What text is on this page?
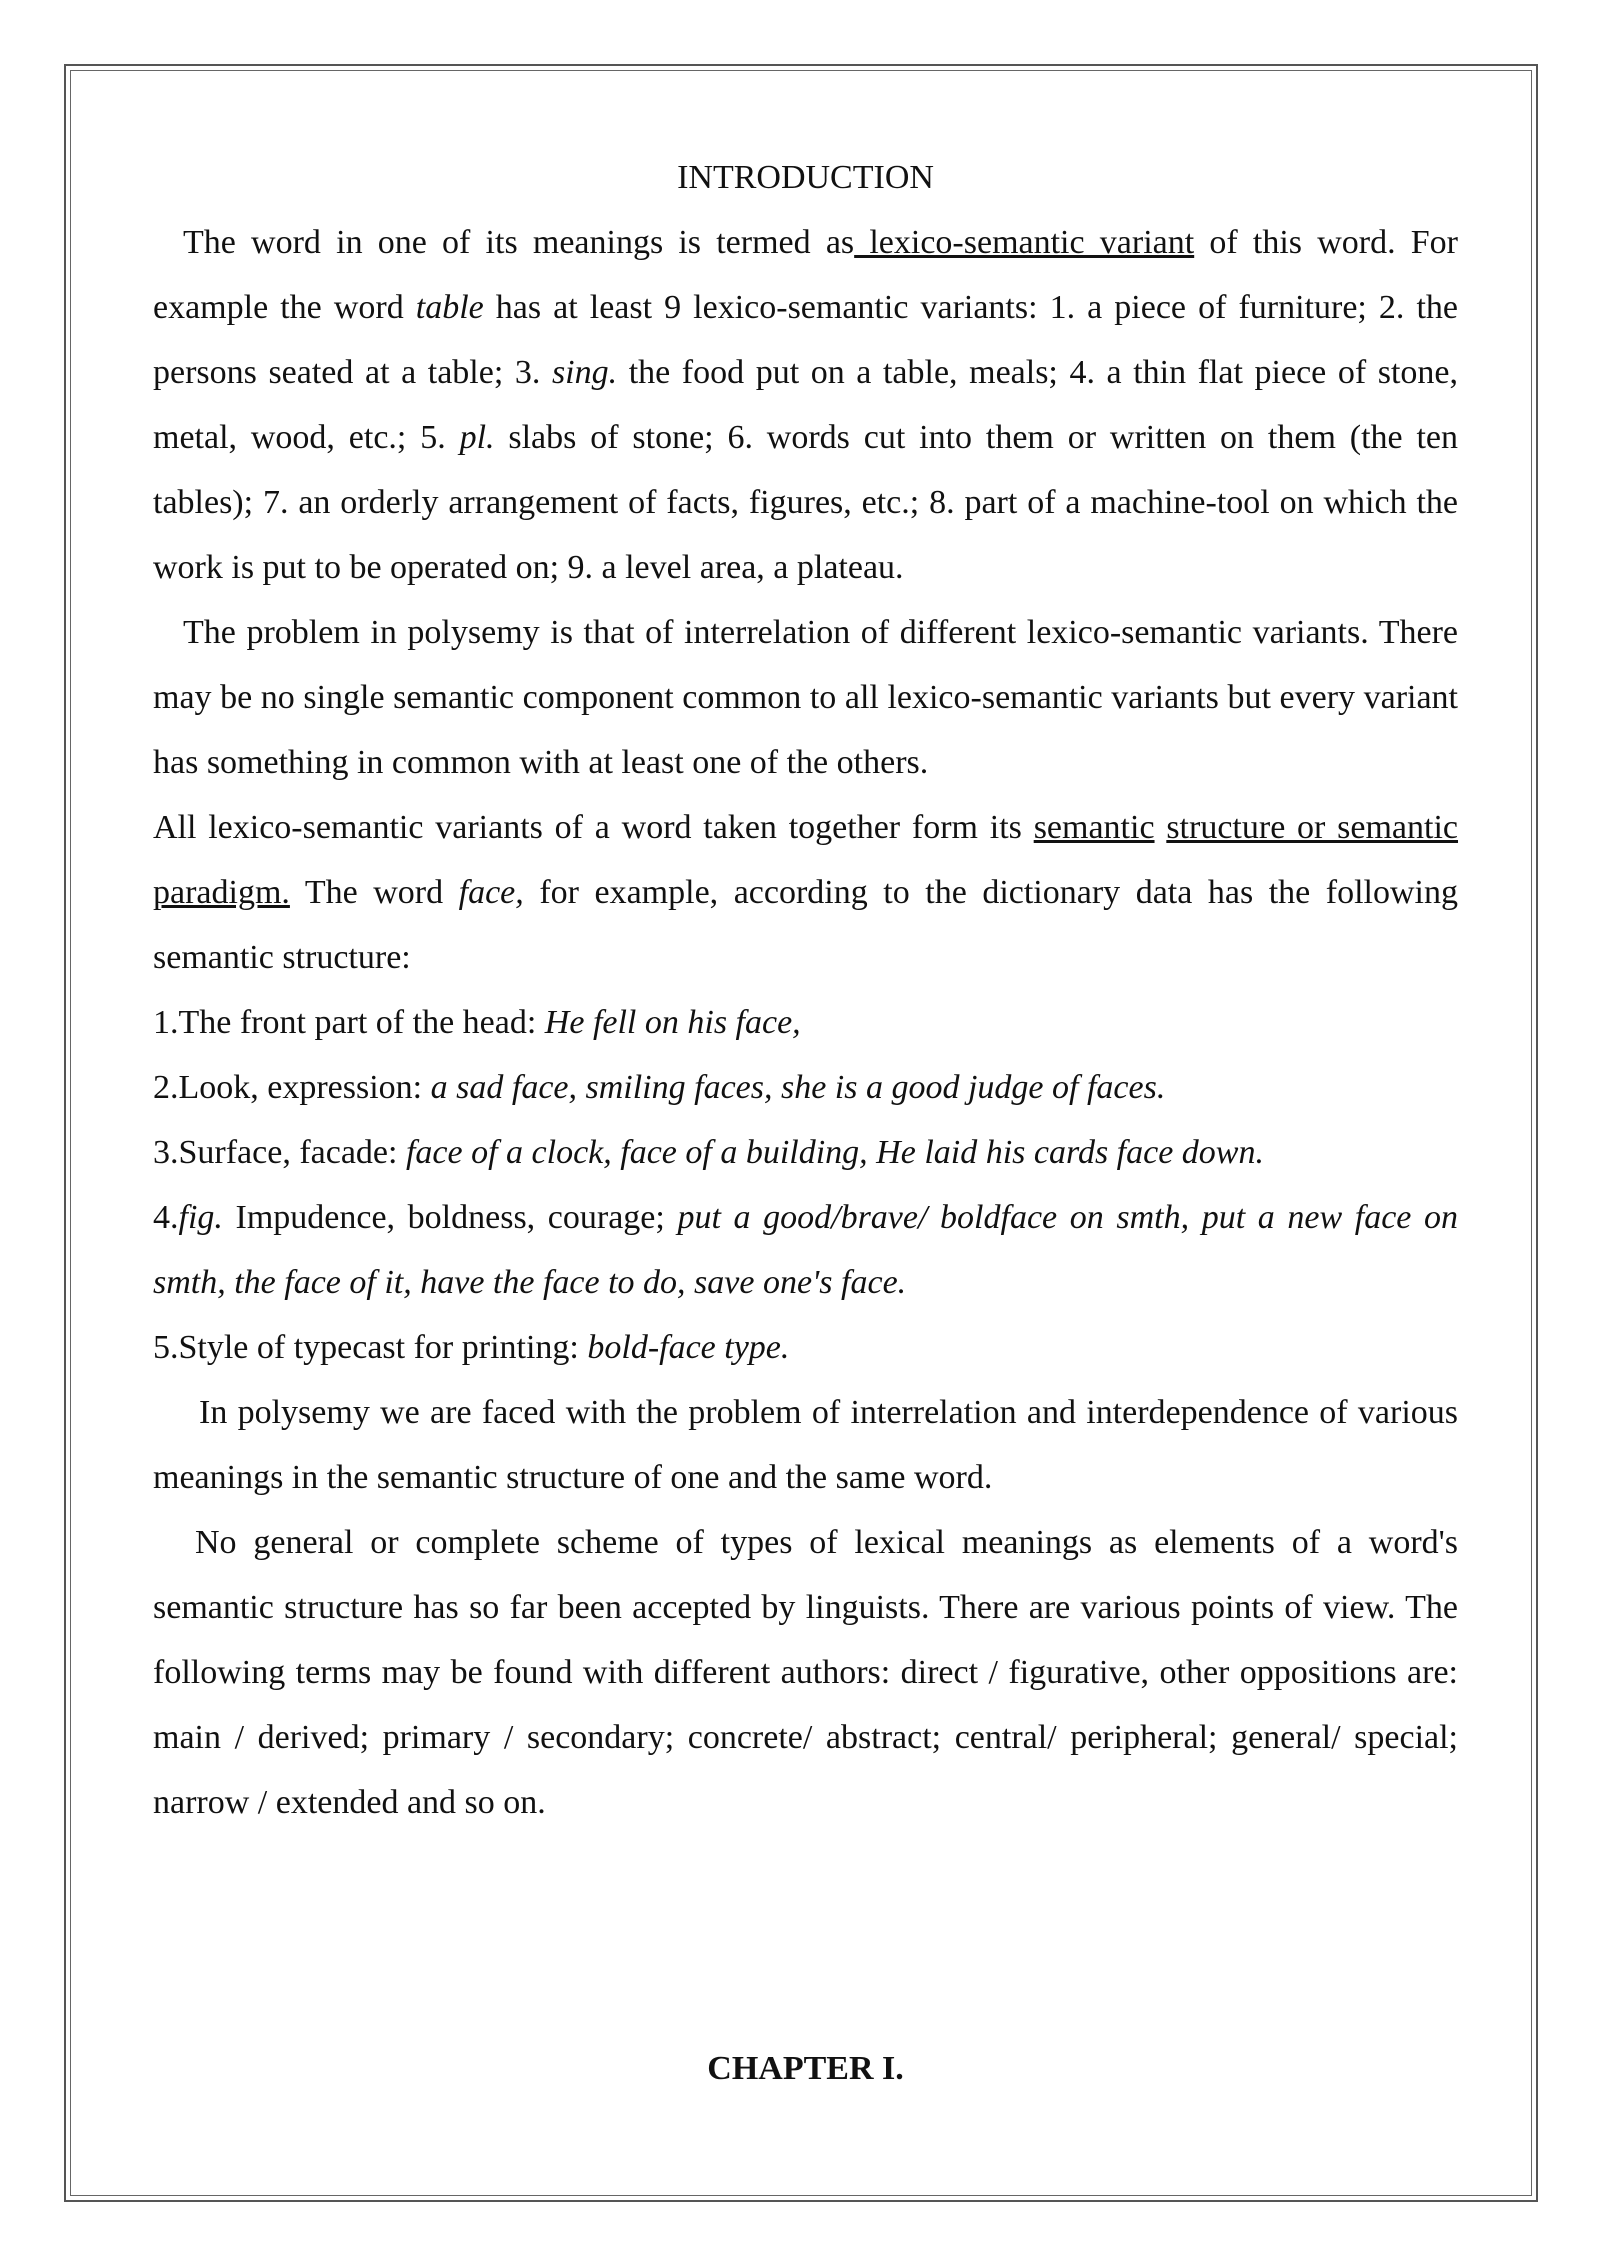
INTRODUCTION

The word in one of its meanings is termed as lexico-semantic variant of this word. For example the word table has at least 9 lexico-semantic variants: 1. a piece of furniture; 2. the persons seated at a table; 3. sing. the food put on a table, meals; 4. a thin flat piece of stone, metal, wood, etc.; 5. pl. slabs of stone; 6. words cut into them or written on them (the ten tables); 7. an orderly arrangement of facts, figures, etc.; 8. part of a machine-tool on which the work is put to be operated on; 9. a level area, a plateau.

The problem in polysemy is that of interrelation of different lexico-semantic variants. There may be no single semantic component common to all lexico-semantic variants but every variant has something in common with at least one of the others.

All lexico-semantic variants of a word taken together form its semantic structure or semantic paradigm. The word face, for example, according to the dictionary data has the following semantic structure:

1.The front part of the head: He fell on his face,

2.Look, expression: a sad face, smiling faces, she is a good judge of faces.

3.Surface, facade: face of a clock, face of a building, He laid his cards face down.

4.fig. Impudence, boldness, courage; put a good/brave/ boldface on smth, put a new face on smth, the face of it, have the face to do, save one's face.

5.Style of typecast for printing: bold-face type.

In polysemy we are faced with the problem of interrelation and interdependence of various meanings in the semantic structure of one and the same word.

No general or complete scheme of types of lexical meanings as elements of a word's semantic structure has so far been accepted by linguists. There are various points of view. The following terms may be found with different authors: direct / figurative, other oppositions are: main / derived; primary / secondary; concrete/ abstract; central/ peripheral; general/ special; narrow / extended and so on.

CHAPTER I.
